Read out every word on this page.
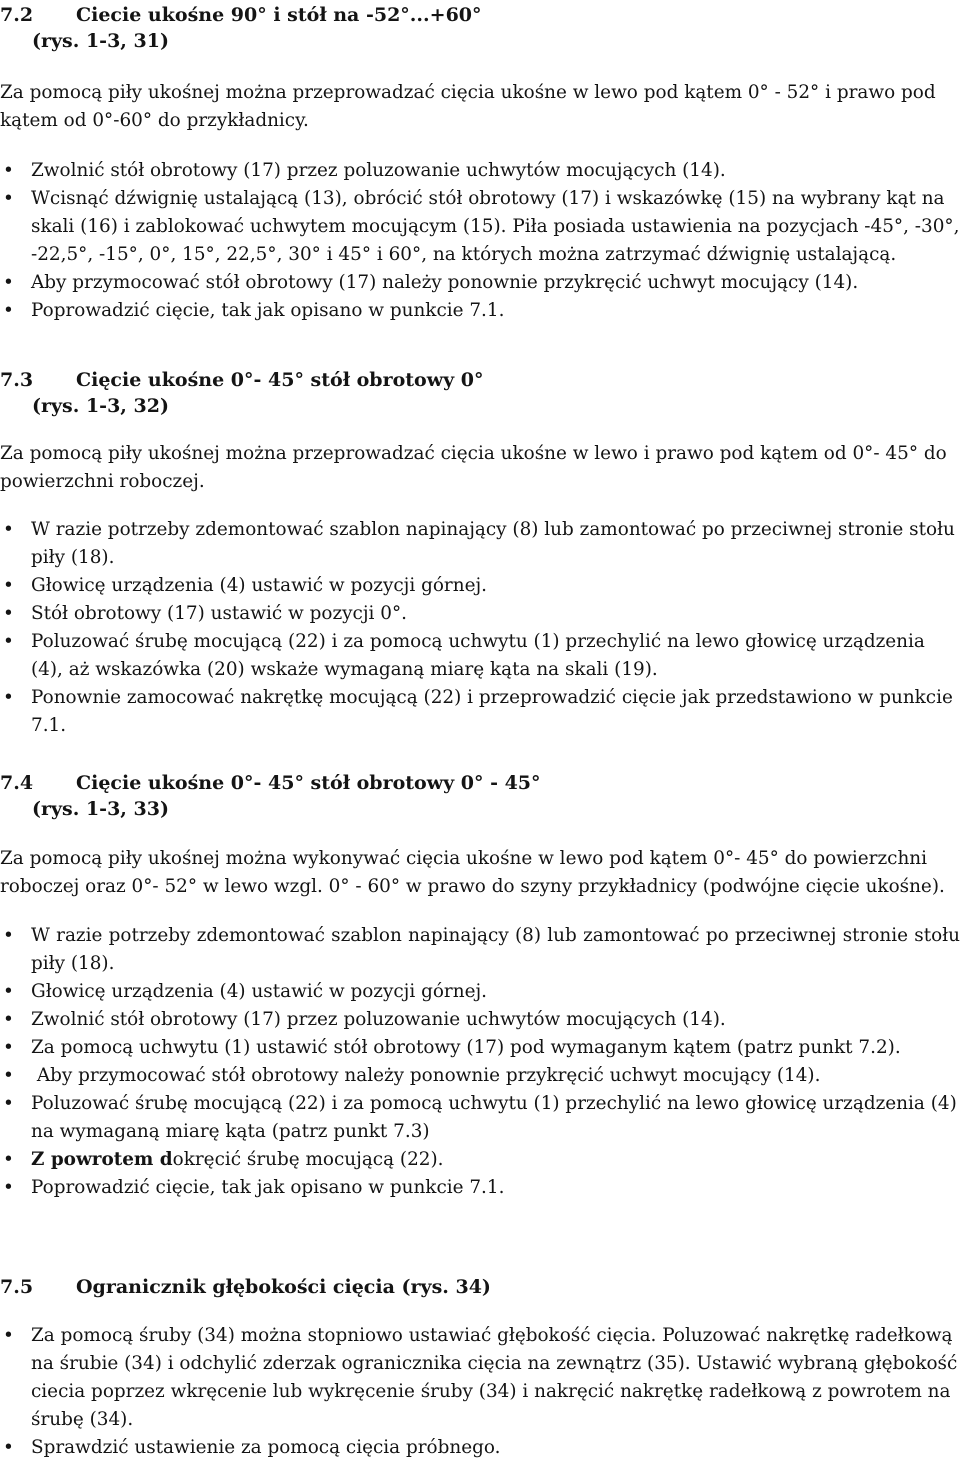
7.2	Ciecie ukośne 90° i stół na -52°...+60°
(rys. 1-3, 31)

Za pomocą piły ukośnej można przeprowadzać cięcia ukośne w lewo pod kątem 0° - 52° i prawo pod kątem od 0°-60° do przykładnicy.

• Zwolnić stół obrotowy (17) przez poluzowanie uchwytów mocujących (14).
• Wcisnąć dźwignię ustalającą (13), obrócić stół obrotowy (17) i wskazówkę (15) na wybrany kąt na skali (16) i zablokować uchwytem mocującym (15). Piła posiada ustawienia na pozycjach -45°, -30°, -22,5°, -15°, 0°, 15°, 22,5°, 30° i 45° i 60°, na których można zatrzymać dźwignię ustalającą.
• Aby przymocować stół obrotowy (17) należy ponownie przykręcić uchwyt mocujący (14).
• Poprowadzić cięcie, tak jak opisano w punkcie 7.1.
7.3	Cięcie ukośne 0°- 45° stół obrotowy 0°
(rys. 1-3, 32)

Za pomocą piły ukośnej można przeprowadzać cięcia ukośne w lewo i prawo pod kątem od 0°- 45° do powierzchni roboczej.

• W razie potrzeby zdemontować szablon napinający (8) lub zamontować po przeciwnej stronie stołu piły (18).
• Głowicę urządzenia (4) ustawić w pozycji górnej.
• Stół obrotowy (17) ustawić w pozycji 0°.
• Poluzować śrubę mocującą (22) i za pomocą uchwytu (1) przechylić na lewo głowicę urządzenia (4), aż wskazówka (20) wskaże wymaganą miarę kąta na skali (19).
• Ponownie zamocować nakrętkę mocującą (22) i przeprowadzić cięcie jak przedstawiono w punkcie 7.1.
7.4	Cięcie ukośne 0°- 45° stół obrotowy 0° - 45°
(rys. 1-3, 33)

Za pomocą piły ukośnej można wykonywać cięcia ukośne w lewo pod kątem 0°- 45° do powierzchni roboczej oraz 0°- 52° w lewo wzgl. 0° - 60° w prawo do szyny przykładnicy (podwójne cięcie ukośne).

• W razie potrzeby zdemontować szablon napinający (8) lub zamontować po przeciwnej stronie stołu piły (18).
• Głowicę urządzenia (4) ustawić w pozycji górnej.
• Zwolnić stół obrotowy (17) przez poluzowanie uchwytów mocujących (14).
• Za pomocą uchwytu (1) ustawić stół obrotowy (17) pod wymaganym kątem (patrz punkt 7.2).
•  Aby przymocować stół obrotowy należy ponownie przykręcić uchwyt mocujący (14).
• Poluzować śrubę mocującą (22) i za pomocą uchwytu (1) przechylić na lewo głowicę urządzenia (4) na wymaganą miarę kąta (patrz punkt 7.3)
• Z powrotem dokręcić śrubę mocującą (22).
• Poprowadzić cięcie, tak jak opisano w punkcie 7.1.
7.5	Ogranicznik głębokości cięcia (rys. 34)
• Za pomocą śruby (34) można stopniowo ustawiać głębokość cięcia. Poluzować nakrętkę radełkową na śrubie (34) i odchylić zderzak ogranicznika cięcia na zewnątrz (35). Ustawić wybraną głębokość ciecia poprzez wkręcenie lub wykręcenie śruby (34) i nakręcić nakrętkę radełkową z powrotem na śrubę (34).
• Sprawdzić ustawienie za pomocą cięcia próbnego.
